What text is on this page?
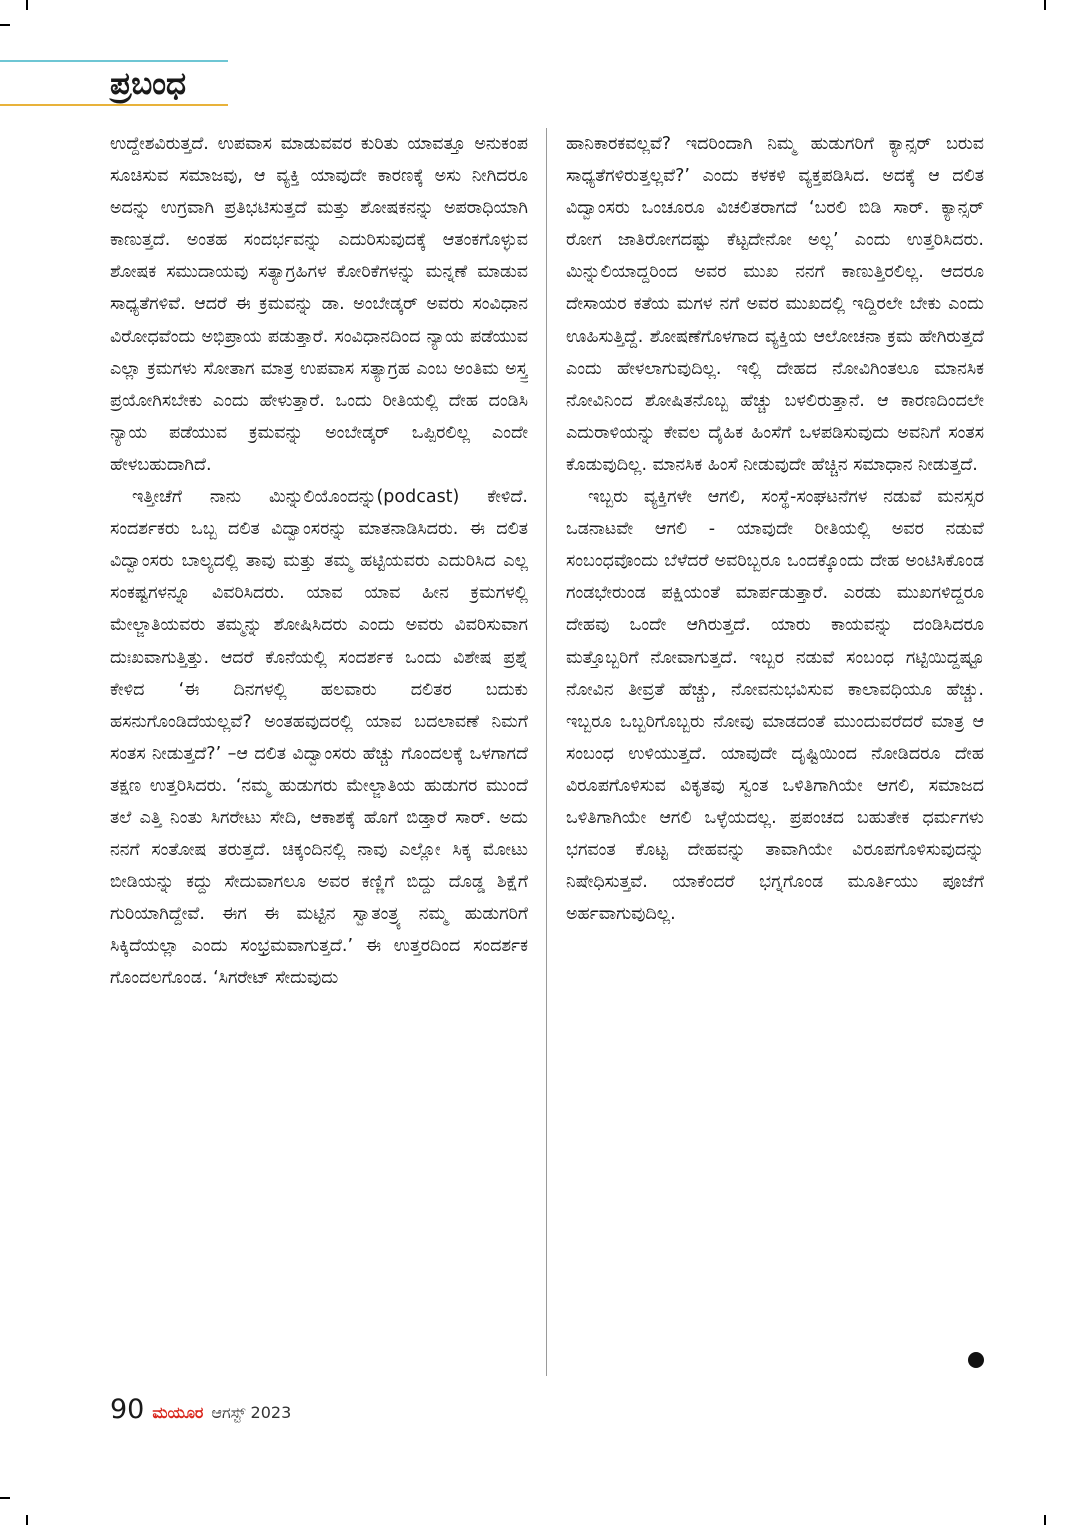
ಪ್ರಬಂಧ

ಉದ್ದೇಶವಿರುತ್ತದೆ. ಉಪವಾಸ ಮಾಡುವವರ ಕುರಿತು ಯಾವತ್ತೂ ಅನುಕಂಪ ಸೂಚಿಸುವ ಸಮಾಜವು, ಆ ವ್ಯಕ್ತಿ ಯಾವುದೇ ಕಾರಣಕ್ಕೆ ಅಸು ನೀಗಿದರೂ ಅದನ್ನು ಉಗ್ರವಾಗಿ ಪ್ರತಿಭಟಿಸುತ್ತದೆ ಮತ್ತು ಶೋಷಕನನ್ನು ಅಪರಾಧಿಯಾಗಿ ಕಾಣುತ್ತದೆ. ಅಂತಹ ಸಂದರ್ಭವನ್ನು ಎದುರಿಸುವುದಕ್ಕೆ ಆತಂಕಗೊಳ್ಳುವ ಶೋಷಕ ಸಮುದಾಯವು ಸತ್ಯಾಗ್ರಹಿಗಳ ಕೋರಿಕೆಗಳನ್ನು ಮನ್ನಣೆ ಮಾಡುವ ಸಾಧ್ಯತೆಗಳಿವೆ. ಆದರೆ ಈ ಕ್ರಮವನ್ನು ಡಾ. ಅಂಬೇಡ್ಕರ್ ಅವರು ಸಂವಿಧಾನ ವಿರೋಧವೆಂದು ಅಭಿಪ್ರಾಯ ಪಡುತ್ತಾರೆ. ಸಂವಿಧಾನದಿಂದ ನ್ಯಾಯ ಪಡೆಯುವ ಎಲ್ಲಾ ಕ್ರಮಗಳು ಸೋತಾಗ ಮಾತ್ರ ಉಪವಾಸ ಸತ್ಯಾಗ್ರಹ ಎಂಬ ಅಂತಿಮ ಅಸ್ತ್ರ ಪ್ರಯೋಗಿಸಬೇಕು ಎಂದು ಹೇಳುತ್ತಾರೆ. ಒಂದು ರೀತಿಯಲ್ಲಿ ದೇಹ ದಂಡಿಸಿ ನ್ಯಾಯ ಪಡೆಯುವ ಕ್ರಮವನ್ನು ಅಂಬೇಡ್ಕರ್ ಒಪ್ಪಿರಲಿಲ್ಲ ಎಂದೇ ಹೇಳಬಹುದಾಗಿದೆ.

ಇತ್ತೀಚೆಗೆ ನಾನು ಮಿನ್ನುಲಿಯೊಂದನ್ನು(podcast) ಕೇಳಿದೆ. ಸಂದರ್ಶಕರು ಒಬ್ಬ ದಲಿತ ವಿದ್ವಾಂಸರನ್ನು ಮಾತನಾಡಿಸಿದರು. ಈ ದಲಿತ ವಿದ್ವಾಂಸರು ಬಾಲ್ಯದಲ್ಲಿ ತಾವು ಮತ್ತು ತಮ್ಮ ಹಟ್ಟಿಯವರು ಎದುರಿಸಿದ ಎಲ್ಲ ಸಂಕಷ್ಟಗಳನ್ನೂ ವಿವರಿಸಿದರು. ಯಾವ ಯಾವ ಹೀನ ಕ್ರಮಗಳಲ್ಲಿ ಮೇಲ್ಜಾತಿಯವರು ತಮ್ಮನ್ನು ಶೋಷಿಸಿದರು ಎಂದು ಅವರು ವಿವರಿಸುವಾಗ ದುಃಖವಾಗುತ್ತಿತ್ತು. ಆದರೆ ಕೊನೆಯಲ್ಲಿ ಸಂದರ್ಶಕ ಒಂದು ವಿಶೇಷ ಪ್ರಶ್ನೆ ಕೇಳಿದ ‘ಈ ದಿನಗಳಲ್ಲಿ ಹಲವಾರು ದಲಿತರ ಬದುಕು ಹಸನುಗೊಂಡಿದೆಯಲ್ಲವೆ? ಅಂತಹವುದರಲ್ಲಿ ಯಾವ ಬದಲಾವಣೆ ನಿಮಗೆ ಸಂತಸ ನೀಡುತ್ತದೆ?’ –ಆ ದಲಿತ ವಿದ್ವಾಂಸರು ಹೆಚ್ಚು ಗೊಂದಲಕ್ಕೆ ಒಳಗಾಗದೆ ತಕ್ಷಣ ಉತ್ತರಿಸಿದರು. ‘ನಮ್ಮ ಹುಡುಗರು ಮೇಲ್ಜಾತಿಯ ಹುಡುಗರ ಮುಂದೆ ತಲೆ ಎತ್ತಿ ನಿಂತು ಸಿಗರೇಟು ಸೇದಿ, ಆಕಾಶಕ್ಕೆ ಹೊಗೆ ಬಿಡ್ತಾರೆ ಸಾರ್. ಅದು ನನಗೆ ಸಂತೋಷ ತರುತ್ತದೆ. ಚಿಕ್ಕಂದಿನಲ್ಲಿ ನಾವು ಎಲ್ಲೋ ಸಿಕ್ಕ ಮೋಟು ಬೀಡಿಯನ್ನು ಕದ್ದು ಸೇದುವಾಗಲೂ ಅವರ ಕಣ್ಣಿಗೆ ಬಿದ್ದು ದೊಡ್ಡ ಶಿಕ್ಷೆಗೆ ಗುರಿಯಾಗಿದ್ದೇವೆ. ಈಗ ಈ ಮಟ್ಟಿನ ಸ್ವಾತಂತ್ರ್ಯ ನಮ್ಮ ಹುಡುಗರಿಗೆ ಸಿಕ್ಕಿದೆಯಲ್ಲಾ ಎಂದು ಸಂಭ್ರಮವಾಗುತ್ತದೆ.’ ಈ ಉತ್ತರದಿಂದ ಸಂದರ್ಶಕ ಗೊಂದಲಗೊಂಡ. ‘ಸಿಗರೇಟ್ ಸೇದುವುದು

ಹಾನಿಕಾರಕವಲ್ಲವೆ? ಇದರಿಂದಾಗಿ ನಿಮ್ಮ ಹುಡುಗರಿಗೆ ಕ್ಯಾನ್ಸರ್ ಬರುವ ಸಾಧ್ಯತೆಗಳಿರುತ್ತಲ್ಲವೆ?’ ಎಂದು ಕಳಕಳಿ ವ್ಯಕ್ತಪಡಿಸಿದ. ಅದಕ್ಕೆ ಆ ದಲಿತ ವಿದ್ವಾಂಸರು ಒಂಚೂರೂ ವಿಚಲಿತರಾಗದೆ ‘ಬರಲಿ ಬಿಡಿ ಸಾರ್. ಕ್ಯಾನ್ಸರ್ ರೋಗ ಜಾತಿರೋಗದಷ್ಟು ಕೆಟ್ಟದೇನೋ ಅಲ್ಲ’ ಎಂದು ಉತ್ತರಿಸಿದರು. ಮಿನ್ನುಲಿಯಾದ್ದರಿಂದ ಅವರ ಮುಖ ನನಗೆ ಕಾಣುತ್ತಿರಲಿಲ್ಲ. ಆದರೂ ದೇಸಾಯರ ಕತೆಯ ಮಗಳ ನಗೆ ಅವರ ಮುಖದಲ್ಲಿ ಇದ್ದಿರಲೇ ಬೇಕು ಎಂದು ಊಹಿಸುತ್ತಿದ್ದೆ. ಶೋಷಣೆಗೊಳಗಾದ ವ್ಯಕ್ತಿಯ ಆಲೋಚನಾ ಕ್ರಮ ಹೇಗಿರುತ್ತದೆ ಎಂದು ಹೇಳಲಾಗುವುದಿಲ್ಲ. ಇಲ್ಲಿ ದೇಹದ ನೋವಿಗಿಂತಲೂ ಮಾನಸಿಕ ನೋವಿನಿಂದ ಶೋಷಿತನೊಬ್ಬ ಹೆಚ್ಚು ಬಳಲಿರುತ್ತಾನೆ. ಆ ಕಾರಣದಿಂದಲೇ ಎದುರಾಳಿಯನ್ನು ಕೇವಲ ದೈಹಿಕ ಹಿಂಸೆಗೆ ಒಳಪಡಿಸುವುದು ಅವನಿಗೆ ಸಂತಸ ಕೊಡುವುದಿಲ್ಲ. ಮಾನಸಿಕ ಹಿಂಸೆ ನೀಡುವುದೇ ಹೆಚ್ಚಿನ ಸಮಾಧಾನ ನೀಡುತ್ತದೆ.

ಇಬ್ಬರು ವ್ಯಕ್ತಿಗಳೇ ಆಗಲಿ, ಸಂಸ್ಥೆ-ಸಂಘಟನೆಗಳ ನಡುವೆ ಮನಸ್ಸರ ಒಡನಾಟವೇ ಆಗಲಿ - ಯಾವುದೇ ರೀತಿಯಲ್ಲಿ ಅವರ ನಡುವೆ ಸಂಬಂಧವೊಂದು ಬೆಳೆದರೆ ಅವರಿಬ್ಬರೂ ಒಂದಕ್ಕೊಂದು ದೇಹ ಅಂಟಿಸಿಕೊಂಡ ಗಂಡಭೇರುಂಡ ಪಕ್ಷಿಯಂತೆ ಮಾರ್ಪಡುತ್ತಾರೆ. ಎರಡು ಮುಖಗಳಿದ್ದರೂ ದೇಹವು ಒಂದೇ ಆಗಿರುತ್ತದೆ. ಯಾರು ಕಾಯವನ್ನು ದಂಡಿಸಿದರೂ ಮತ್ತೊಬ್ಬರಿಗೆ ನೋವಾಗುತ್ತದೆ. ಇಬ್ಬರ ನಡುವೆ ಸಂಬಂಧ ಗಟ್ಟಿಯಿದ್ದಷ್ಟೂ ನೋವಿನ ತೀವ್ರತೆ ಹೆಚ್ಚು, ನೋವನುಭವಿಸುವ ಕಾಲಾವಧಿಯೂ ಹೆಚ್ಚು. ಇಬ್ಬರೂ ಒಬ್ಬರಿಗೊಬ್ಬರು ನೋವು ಮಾಡದಂತೆ ಮುಂದುವರೆದರೆ ಮಾತ್ರ ಆ ಸಂಬಂಧ ಉಳಿಯುತ್ತದೆ. ಯಾವುದೇ ದೃಷ್ಟಿಯಿಂದ ನೋಡಿದರೂ ದೇಹ ವಿರೂಪಗೊಳಿಸುವ ವಿಕೃತವು ಸ್ವಂತ ಒಳಿತಿಗಾಗಿಯೇ ಆಗಲಿ, ಸಮಾಜದ ಒಳಿತಿಗಾಗಿಯೇ ಆಗಲಿ ಒಳ್ಳೆಯದಲ್ಲ. ಪ್ರಪಂಚದ ಬಹುತೇಕ ಧರ್ಮಗಳು ಭಗವಂತ ಕೊಟ್ಟ ದೇಹವನ್ನು ತಾವಾಗಿಯೇ ವಿರೂಪಗೊಳಿಸುವುದನ್ನು ನಿಷೇಧಿಸುತ್ತವೆ. ಯಾಕೆಂದರೆ ಭಗ್ನಗೊಂಡ ಮೂರ್ತಿಯು ಪೂಜೆಗೆ ಅರ್ಹವಾಗುವುದಿಲ್ಲ.

90 ಮಯೂರ ಆಗಸ್ಟ್ 2023
